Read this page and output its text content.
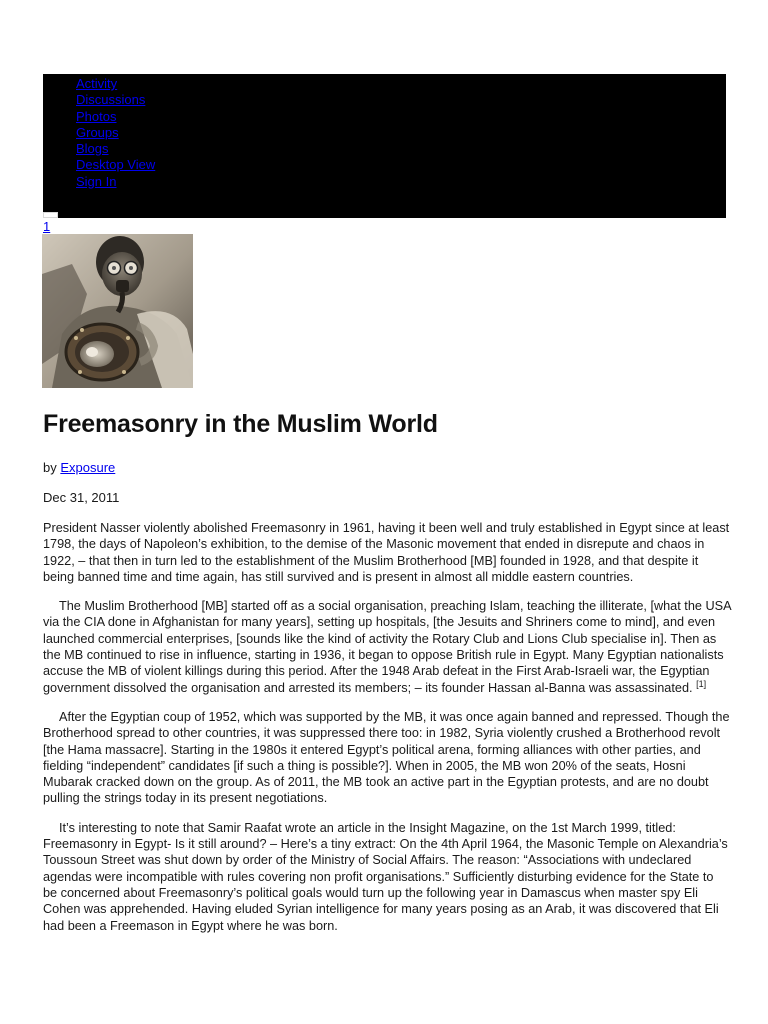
Activity
Discussions
Photos
Groups
Blogs
Desktop View
Sign In
1
Freemasonry in the Muslim World
by Exposure
Dec 31, 2011

President Nasser violently abolished Freemasonry in 1961, having it been well and truly established in Egypt since at least 1798, the days of Napoleon’s exhibition, to the demise of the Masonic movement that ended in disrepute and chaos in 1922, – that then in turn led to the establishment of the Muslim Brotherhood [MB] founded in 1928, and that despite it being banned time and time again, has still survived and is present in almost all middle eastern countries.

The Muslim Brotherhood [MB] started off as a social organisation, preaching Islam, teaching the illiterate, [what the USA via the CIA done in Afghanistan for many years], setting up hospitals, [the Jesuits and Shriners come to mind], and even launched commercial enterprises, [sounds like the kind of activity the Rotary Club and Lions Club specialise in]. Then as the MB continued to rise in influence, starting in 1936, it began to oppose British rule in Egypt. Many Egyptian nationalists accuse the MB of violent killings during this period. After the 1948 Arab defeat in the First Arab-Israeli war, the Egyptian government dissolved the organisation and arrested its members; – its founder Hassan al-Banna was assassinated. [1]

After the Egyptian coup of 1952, which was supported by the MB, it was once again banned and repressed. Though the Brotherhood spread to other countries, it was suppressed there too: in 1982, Syria violently crushed a Brotherhood revolt [the Hama massacre]. Starting in the 1980s it entered Egypt’s political arena, forming alliances with other parties, and fielding “independent” candidates [if such a thing is possible?]. When in 2005, the MB won 20% of the seats, Hosni Mubarak cracked down on the group. As of 2011, the MB took an active part in the Egyptian protests, and are no doubt pulling the strings today in its present negotiations.

It’s interesting to note that Samir Raafat wrote an article in the Insight Magazine, on the 1st March 1999, titled: Freemasonry in Egypt- Is it still around? – Here’s a tiny extract: On the 4th April 1964, the Masonic Temple on Alexandria’s Toussoun Street was shut down by order of the Ministry of Social Affairs. The reason: “Associations with undeclared agendas were incompatible with rules covering non profit organisations.” Sufficiently disturbing evidence for the State to be concerned about Freemasonry’s political goals would turn up the following year in Damascus when master spy Eli Cohen was apprehended. Having eluded Syrian intelligence for many years posing as an Arab, it was discovered that Eli had been a Freemason in Egypt where he was born.
